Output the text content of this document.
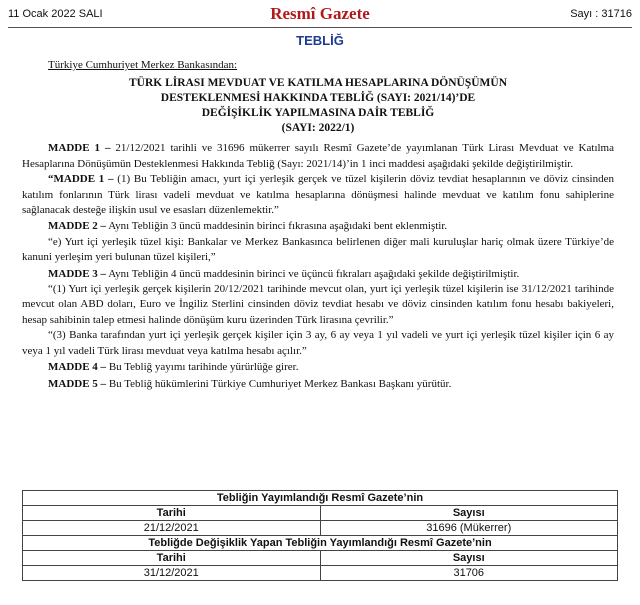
11 Ocak 2022 SALI	Resmî Gazete	Sayı : 31716
TEBLİĞ

Türkiye Cumhuriyet Merkez Bankasından:

TÜRK LİRASI MEVDUAT VE KATILMA HESAPLARINA DÖNÜŞÜMÜN
DESTEKLENMESİ HAKKINDA TEBLİĞ (SAYI: 2021/14)’DE
DEĞİŞİKLİK YAPILMASINA DAİR TEBLİĞ
(SAYI: 2022/1)

MADDE 1 – 21/12/2021 tarihli ve 31696 mükerrer sayılı Resmî Gazete’de yayımlanan Türk Lirası Mevduat ve Katılma Hesaplarına Dönüşümün Desteklenmesi Hakkında Tebliğ (Sayı: 2021/14)’in 1 inci maddesi aşağıdaki şekilde değiştirilmiştir.

“MADDE 1 – (1) Bu Tebliğin amacı, yurt içi yerleşik gerçek ve tüzel kişilerin döviz tevdiat hesaplarının ve döviz cinsinden katılım fonlarının Türk lirası vadeli mevduat ve katılma hesaplarına dönüşmesi halinde mevduat ve katılım fonu sahiplerine sağlanacak desteğe ilişkin usul ve esasları düzenlemektir.”

MADDE 2 – Aynı Tebliğin 3 üncü maddesinin birinci fıkrasına aşağıdaki bent eklenmiştir.

“e) Yurt içi yerleşik tüzel kişi: Bankalar ve Merkez Bankasınca belirlenen diğer mali kuruluşlar hariç olmak üzere Türkiye’de kanuni yerleşim yeri bulunan tüzel kişileri,”

MADDE 3 – Aynı Tebliğin 4 üncü maddesinin birinci ve üçüncü fıkraları aşağıdaki şekilde değiştirilmiştir.

“(1) Yurt içi yerleşik gerçek kişilerin 20/12/2021 tarihinde mevcut olan, yurt içi yerleşik tüzel kişilerin ise 31/12/2021 tarihinde mevcut olan ABD doları, Euro ve İngiliz Sterlini cinsinden döviz tevdiat hesabı ve döviz cinsinden katılım fonu hesabı bakiyeleri, hesap sahibinin talep etmesi halinde dönüşüm kuru üzerinden Türk lirasına çevrilir.”

“(3) Banka tarafından yurt içi yerleşik gerçek kişiler için 3 ay, 6 ay veya 1 yıl vadeli ve yurt içi yerleşik tüzel kişiler için 6 ay veya 1 yıl vadeli Türk lirası mevduat veya katılma hesabı açılır.”

MADDE 4 – Bu Tebliğ yayımı tarihinde yürürlüğe girer.

MADDE 5 – Bu Tebliğ hükümlerini Türkiye Cumhuriyet Merkez Bankası Başkanı yürütür.

Tebliğin Yayımlandığı Resmî Gazete’nin	
Tarihi	Sayısı
21/12/2021	31696 (Mükerrer)
Tebliğde Değişiklik Yapan Tebliğin Yayımlandığı Resmî Gazete’nin	
Tarihi	Sayısı
31/12/2021	31706
